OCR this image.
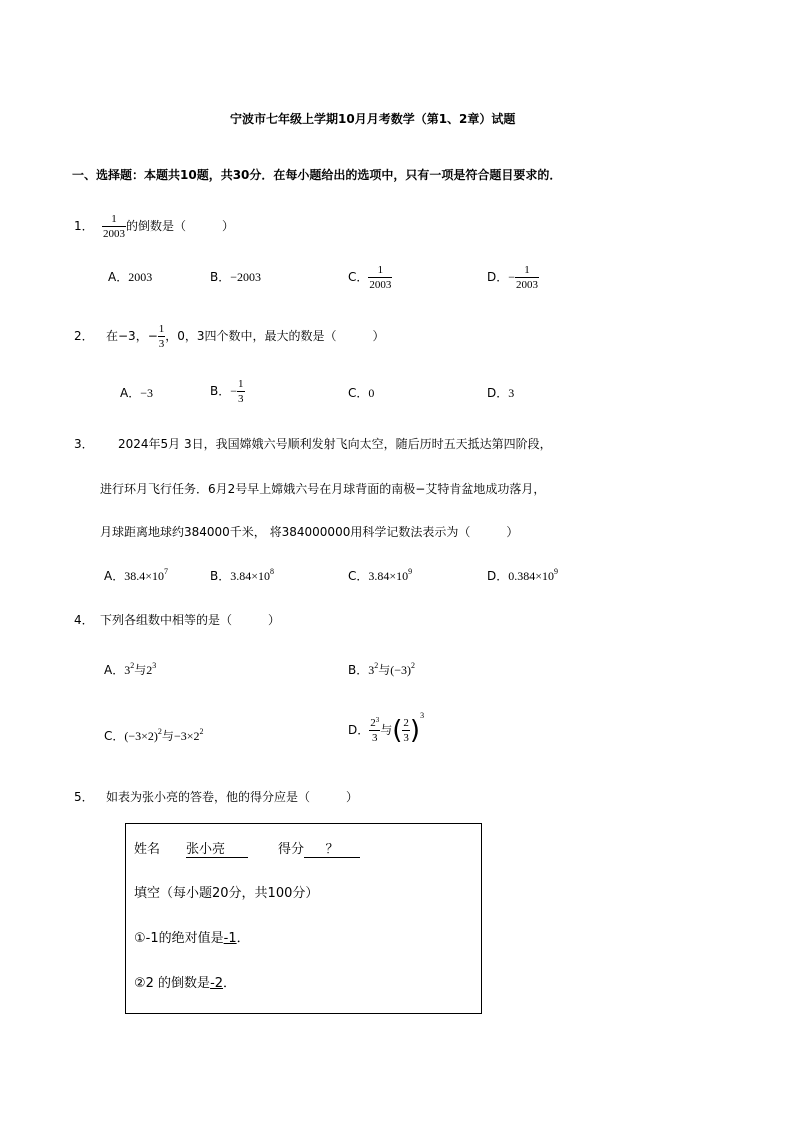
宁波市七年级上学期10月月考数学（第1、2章）试题
一、选择题：本题共10题，共30分．在每小题给出的选项中，只有一项是符合题目要求的．
1． $\frac{1}{2003}$ 的倒数是（　　　）
A．2003	B．−2003	C． $\frac{1}{2003}$	D．− $\frac{1}{2003}$
2． 在−3，− $\frac{1}{3}$ ，0，3四个数中，最大的数是（　　　）
A．−3	B．− $\frac{1}{3}$	C．0	D．3
3． 2024年5月 3日，我国嫦娥六号顺利发射飞向太空，随后历时五天抵达第四阶段，
进行环月飞行任务．6月2号早上嫦娥六号在月球背面的南极−艾特肯盆地成功落月，
月球距离地球约384000千米， 将384000000用科学记数法表示为（　　　）
A．$38.4\times 10^7$	B．$3.84\times 10^8$	C．$3.84\times 10^9$	D．$0.384\times 10^9$
4． 下列各组数中相等的是（　　　）
A．$3^2$与$2^3$	B．$3^2$与$(-3)^2$
C．$(-3\times 2)^2$与$-3\times 2^2$	D． $\frac{2^3}{3}$ 与( $\frac{2}{3} )^3$
5． 如表为张小亮的答卷，他的得分应是（　　　）
姓名 张小亮	得分 ？
填空（每小题20分，共100分）
①-1的绝对值是-1．
②2 的倒数是-2．
